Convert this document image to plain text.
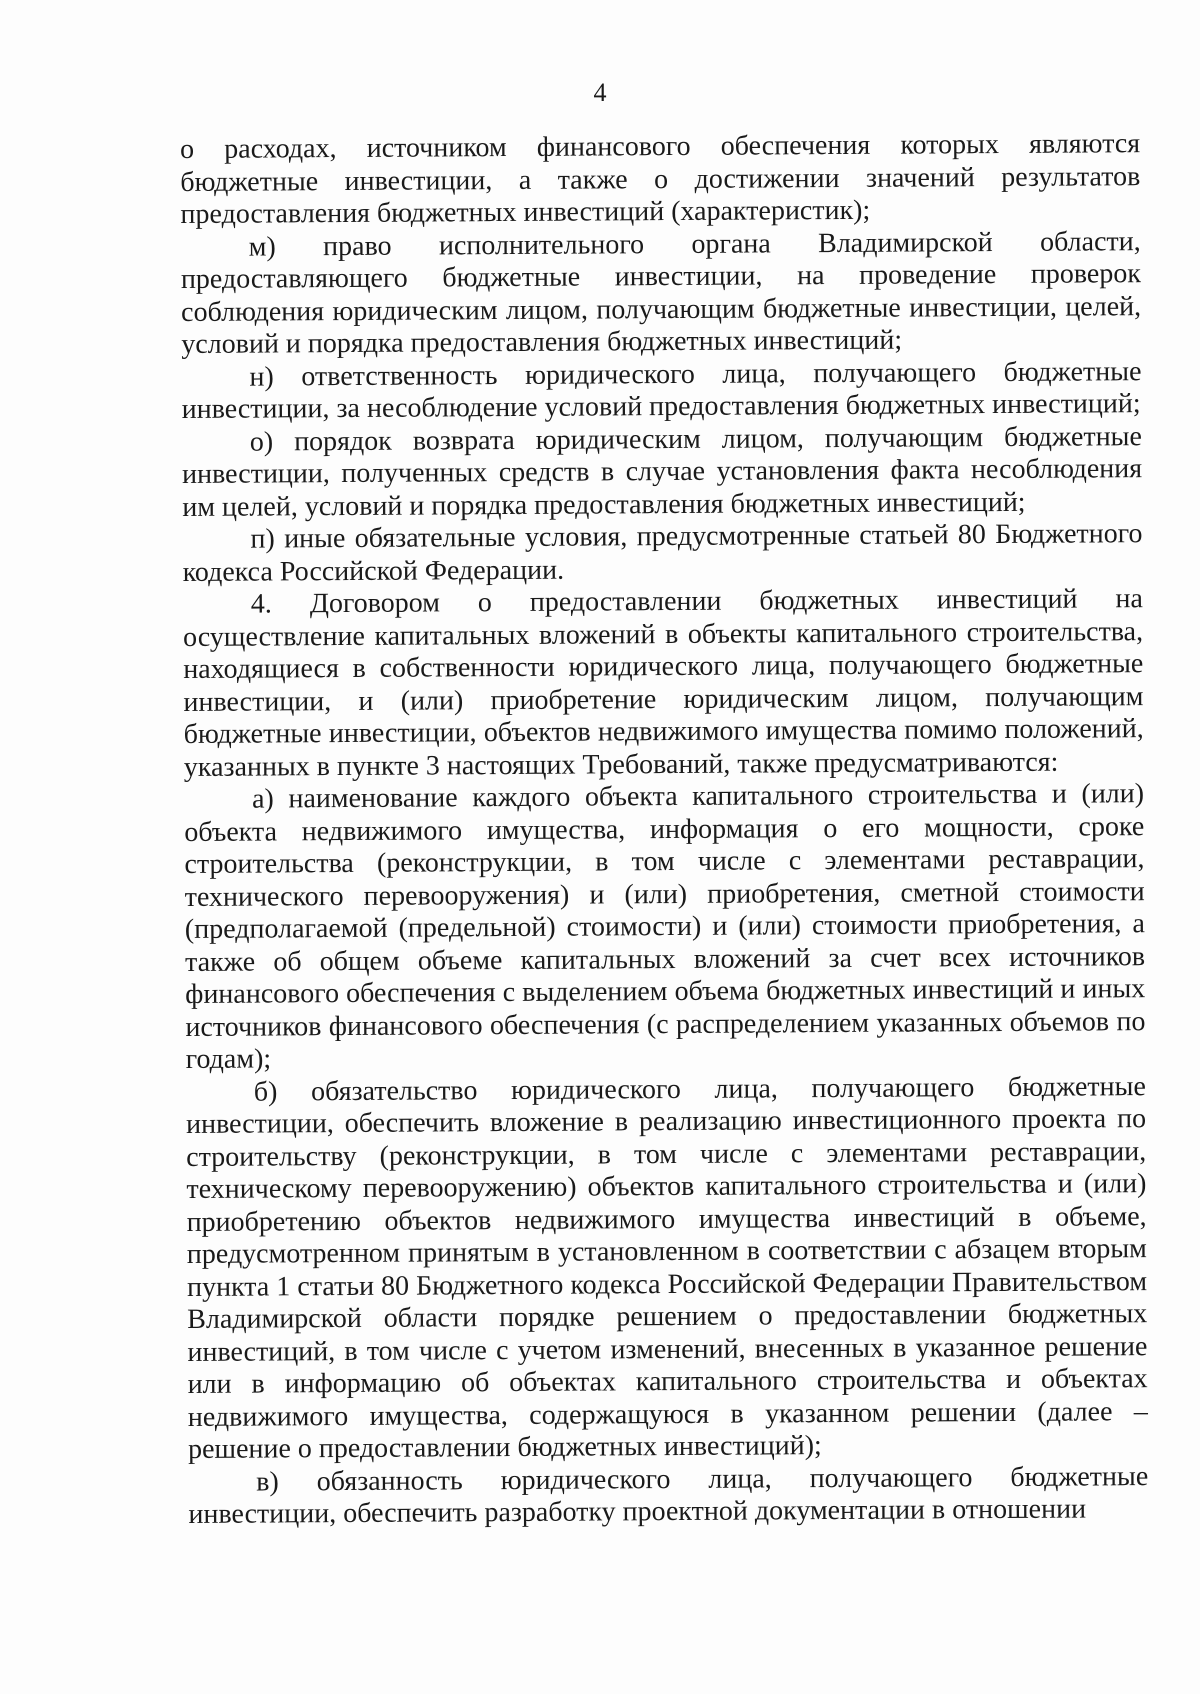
4

о расходах, источником финансового обеспечения которых являются бюджетные инвестиции, а также о достижении значений результатов предоставления бюджетных инвестиций (характеристик);

м) право исполнительного органа Владимирской области, предоставляющего бюджетные инвестиции, на проведение проверок соблюдения юридическим лицом, получающим бюджетные инвестиции, целей, условий и порядка предоставления бюджетных инвестиций;

н) ответственность юридического лица, получающего бюджетные инвестиции, за несоблюдение условий предоставления бюджетных инвестиций;

о) порядок возврата юридическим лицом, получающим бюджетные инвестиции, полученных средств в случае установления факта несоблюдения им целей, условий и порядка предоставления бюджетных инвестиций;

п) иные обязательные условия, предусмотренные статьей 80 Бюджетного кодекса Российской Федерации.

4. Договором о предоставлении бюджетных инвестиций на осуществление капитальных вложений в объекты капитального строительства, находящиеся в собственности юридического лица, получающего бюджетные инвестиции, и (или) приобретение юридическим лицом, получающим бюджетные инвестиции, объектов недвижимого имущества помимо положений, указанных в пункте 3 настоящих Требований, также предусматриваются:

а) наименование каждого объекта капитального строительства и (или) объекта недвижимого имущества, информация о его мощности, сроке строительства (реконструкции, в том числе с элементами реставрации, технического перевооружения) и (или) приобретения, сметной стоимости (предполагаемой (предельной) стоимости) и (или) стоимости приобретения, а также об общем объеме капитальных вложений за счет всех источников финансового обеспечения с выделением объема бюджетных инвестиций и иных источников финансового обеспечения (с распределением указанных объемов по годам);

б) обязательство юридического лица, получающего бюджетные инвестиции, обеспечить вложение в реализацию инвестиционного проекта по строительству (реконструкции, в том числе с элементами реставрации, техническому перевооружению) объектов капитального строительства и (или) приобретению объектов недвижимого имущества инвестиций в объеме, предусмотренном принятым в установленном в соответствии с абзацем вторым пункта 1 статьи 80 Бюджетного кодекса Российской Федерации Правительством Владимирской области порядке решением о предоставлении бюджетных инвестиций, в том числе с учетом изменений, внесенных в указанное решение или в информацию об объектах капитального строительства и объектах недвижимого имущества, содержащуюся в указанном решении (далее – решение о предоставлении бюджетных инвестиций);

в) обязанность юридического лица, получающего бюджетные инвестиции, обеспечить разработку проектной документации в отношении
